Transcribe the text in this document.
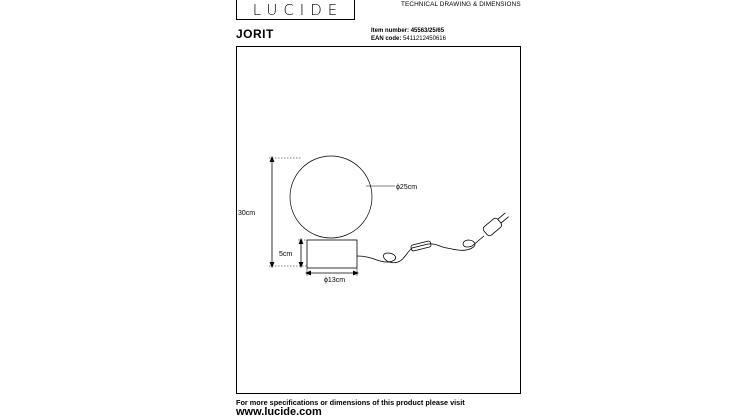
LUCIDE	TECHNICAL DRAWING & DIMENSIONS
JORIT	Item number: 45563/25/65
EAN code: 5411212450616
30cm
5cm
ϕ13cm
ϕ25cm
For more specifications or dimensions of this product please visit
www.lucide.com
